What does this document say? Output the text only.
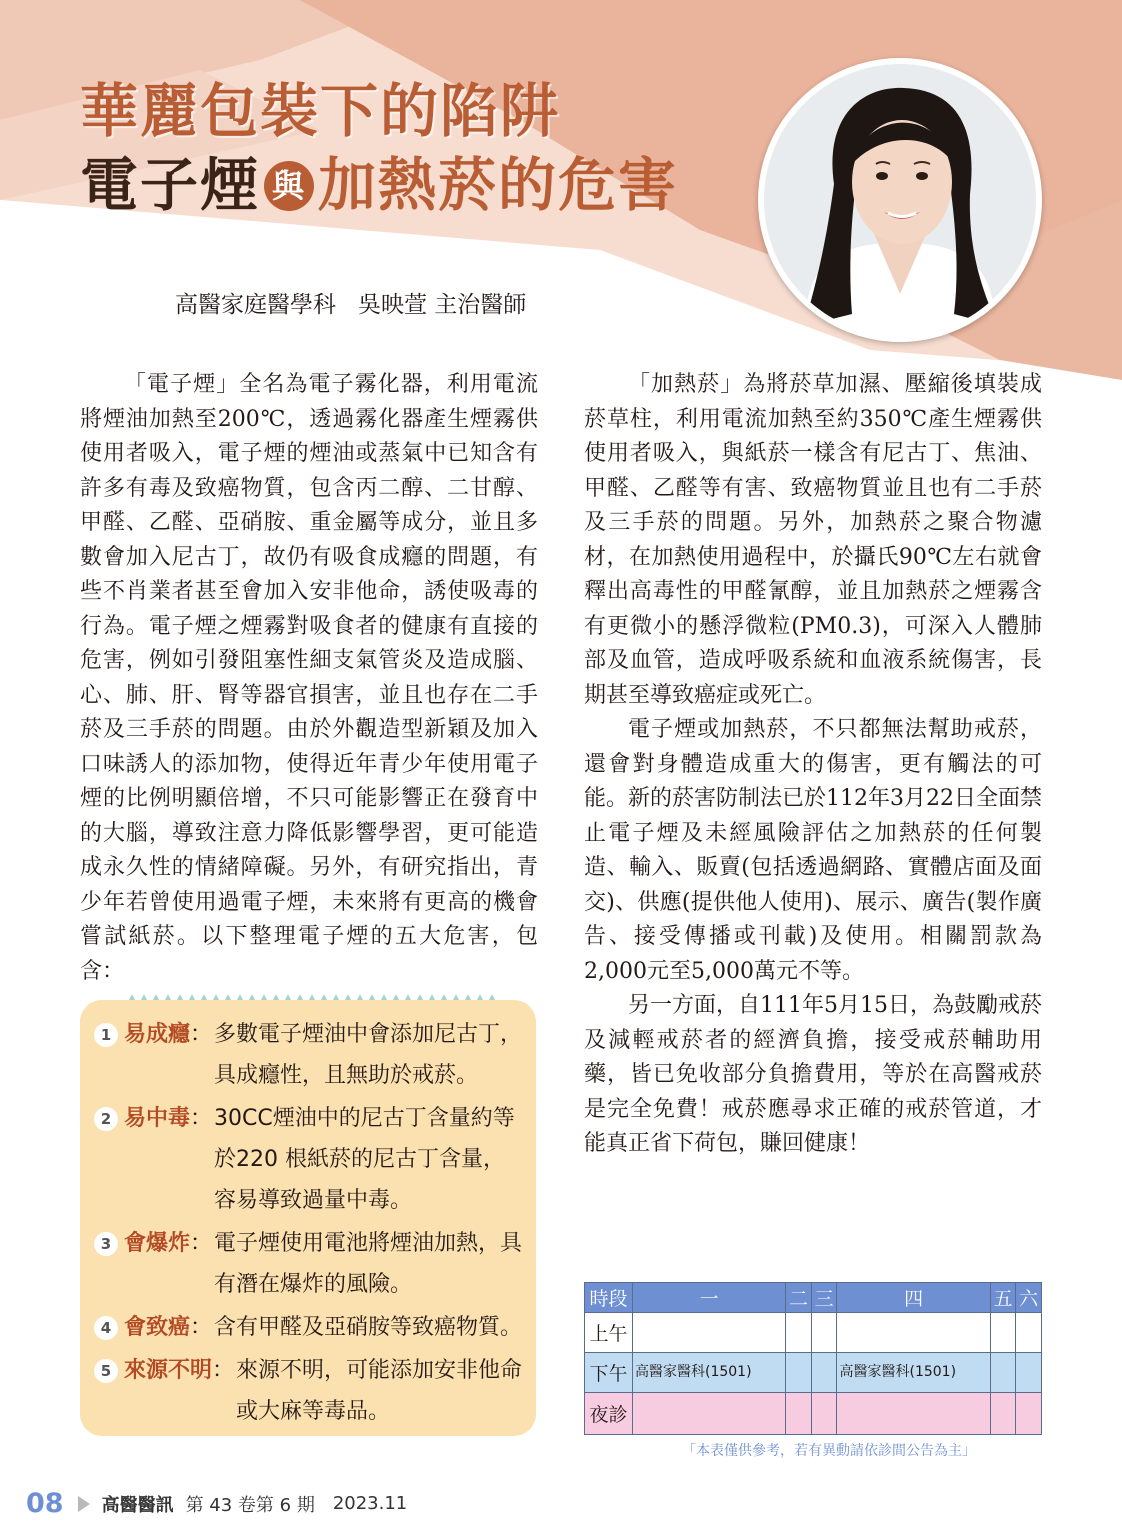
華麗包裝下的陷阱
電子煙 與 加熱菸的危害
高醫家庭醫學科 吳映萱 主治醫師

「電子煙」全名為電子霧化器，利用電流將煙油加熱至200℃，透過霧化器產生煙霧供使用者吸入，電子煙的煙油或蒸氣中已知含有許多有毒及致癌物質，包含丙二醇、二甘醇、甲醛、乙醛、亞硝胺、重金屬等成分，並且多數會加入尼古丁，故仍有吸食成癮的問題，有些不肖業者甚至會加入安非他命，誘使吸毒的行為。電子煙之煙霧對吸食者的健康有直接的危害，例如引發阻塞性細支氣管炎及造成腦、心、肺、肝、腎等器官損害，並且也存在二手菸及三手菸的問題。由於外觀造型新穎及加入口味誘人的添加物，使得近年青少年使用電子煙的比例明顯倍增，不只可能影響正在發育中的大腦，導致注意力降低影響學習，更可能造成永久性的情緒障礙。另外，有研究指出，青少年若曾使用過電子煙，未來將有更高的機會嘗試紙菸。以下整理電子煙的五大危害，包含：

1 易成癮 ： 多數電子煙油中會添加尼古丁，具成癮性，且無助於戒菸。
2 易中毒 ： 30CC煙油中的尼古丁含量約等於220 根紙菸的尼古丁含量，容易導致過量中毒。
3 會爆炸 ： 電子煙使用電池將煙油加熱，具有潛在爆炸的風險。
4 會致癌 ： 含有甲醛及亞硝胺等致癌物質。
5 來源不明 ： 來源不明，可能添加安非他命或大麻等毒品。

「加熱菸」為將菸草加濕、壓縮後填裝成菸草柱，利用電流加熱至約350℃產生煙霧供使用者吸入，與紙菸一樣含有尼古丁、焦油、甲醛、乙醛等有害、致癌物質並且也有二手菸及三手菸的問題。另外，加熱菸之聚合物濾材，在加熱使用過程中，於攝氏90℃左右就會釋出高毒性的甲醛氰醇，並且加熱菸之煙霧含有更微小的懸浮微粒(PM0.3)，可深入人體肺部及血管，造成呼吸系統和血液系統傷害，長期甚至導致癌症或死亡。

電子煙或加熱菸，不只都無法幫助戒菸，還會對身體造成重大的傷害，更有觸法的可能。新的菸害防制法已於112年3月22日全面禁止電子煙及未經風險評估之加熱菸的任何製造、輸入、販賣(包括透過網路、實體店面及面交)、供應(提供他人使用)、展示、廣告(製作廣告、接受傳播或刊載)及使用。相關罰款為2,000元至5,000萬元不等。

另一方面，自111年5月15日，為鼓勵戒菸及減輕戒菸者的經濟負擔，接受戒菸輔助用藥，皆已免收部分負擔費用，等於在高醫戒菸是完全免費！戒菸應尋求正確的戒菸管道，才能真正省下荷包，賺回健康！

時段	一	二	三	四	五	六
上午						
下午	高醫家醫科(1501)			高醫家醫科(1501)		
夜診						
「本表僅供參考，若有異動請依診間公告為主」
08 高醫醫訊 第 43 卷第 6 期 2023.11
